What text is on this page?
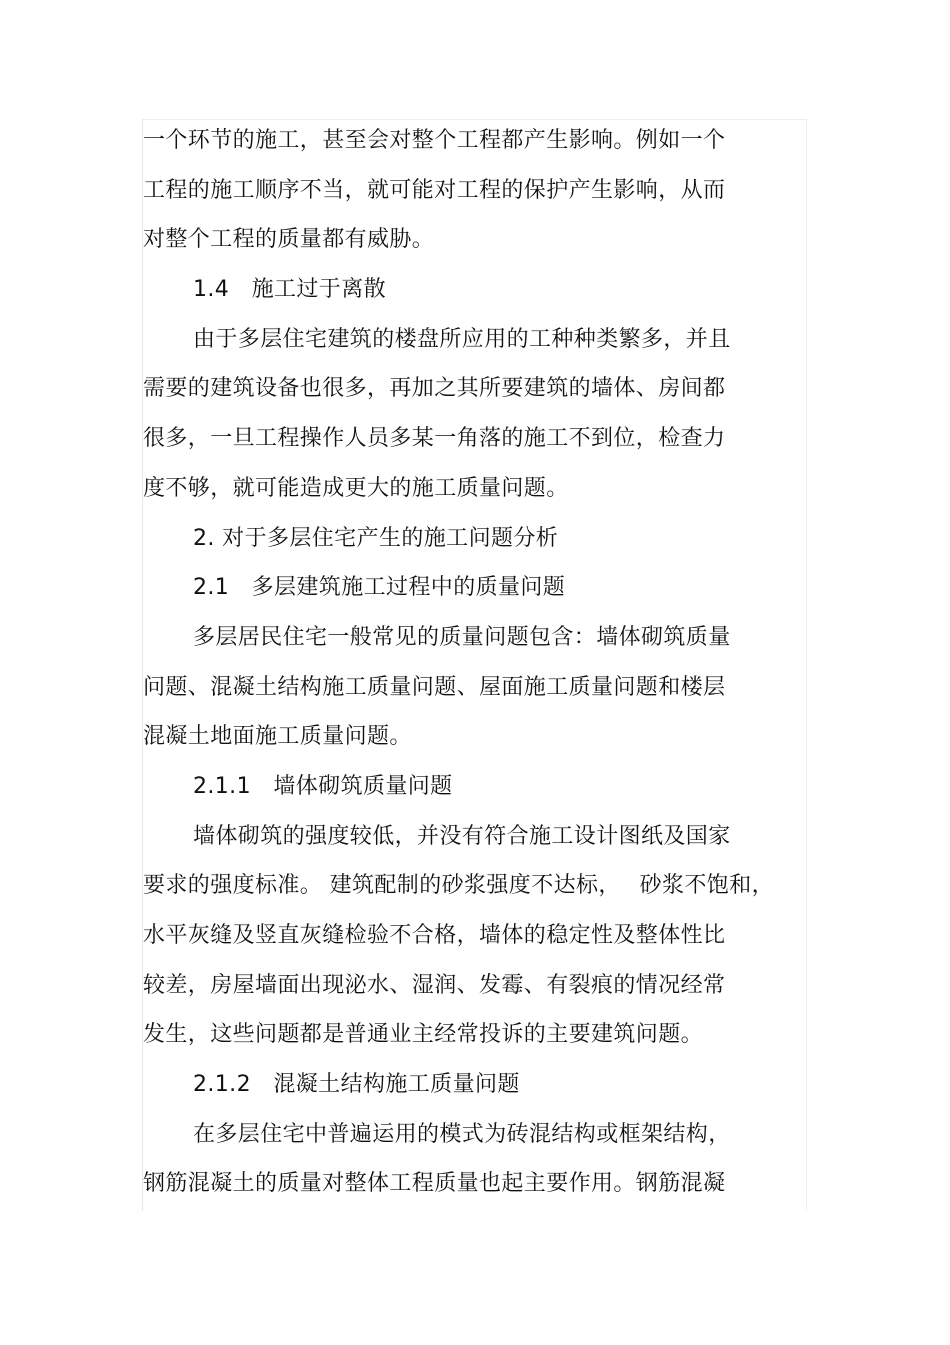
一个环节的施工，甚至会对整个工程都产生影响。例如一个
工程的施工顺序不当，就可能对工程的保护产生影响，从而
对整个工程的质量都有威胁。
1.4　施工过于离散
由于多层住宅建筑的楼盘所应用的工种种类繁多，并且
需要的建筑设备也很多，再加之其所要建筑的墙体、房间都
很多，一旦工程操作人员多某一角落的施工不到位，检查力
度不够，就可能造成更大的施工质量问题。
2. 对于多层住宅产生的施工问题分析
2.1　多层建筑施工过程中的质量问题
多层居民住宅一般常见的质量问题包含：墙体砌筑质量
问题、混凝土结构施工质量问题、屋面施工质量问题和楼层
混凝土地面施工质量问题。
2.1.1　墙体砌筑质量问题
墙体砌筑的强度较低，并没有符合施工设计图纸及国家
要求的强度标准。 建筑配制的砂浆强度不达标，　 砂浆不饱和，
水平灰缝及竖直灰缝检验不合格，墙体的稳定性及整体性比
较差，房屋墙面出现泌水、湿润、发霉、有裂痕的情况经常
发生，这些问题都是普通业主经常投诉的主要建筑问题。
2.1.2　混凝土结构施工质量问题
在多层住宅中普遍运用的模式为砖混结构或框架结构，
钢筋混凝土的质量对整体工程质量也起主要作用。钢筋混凝
